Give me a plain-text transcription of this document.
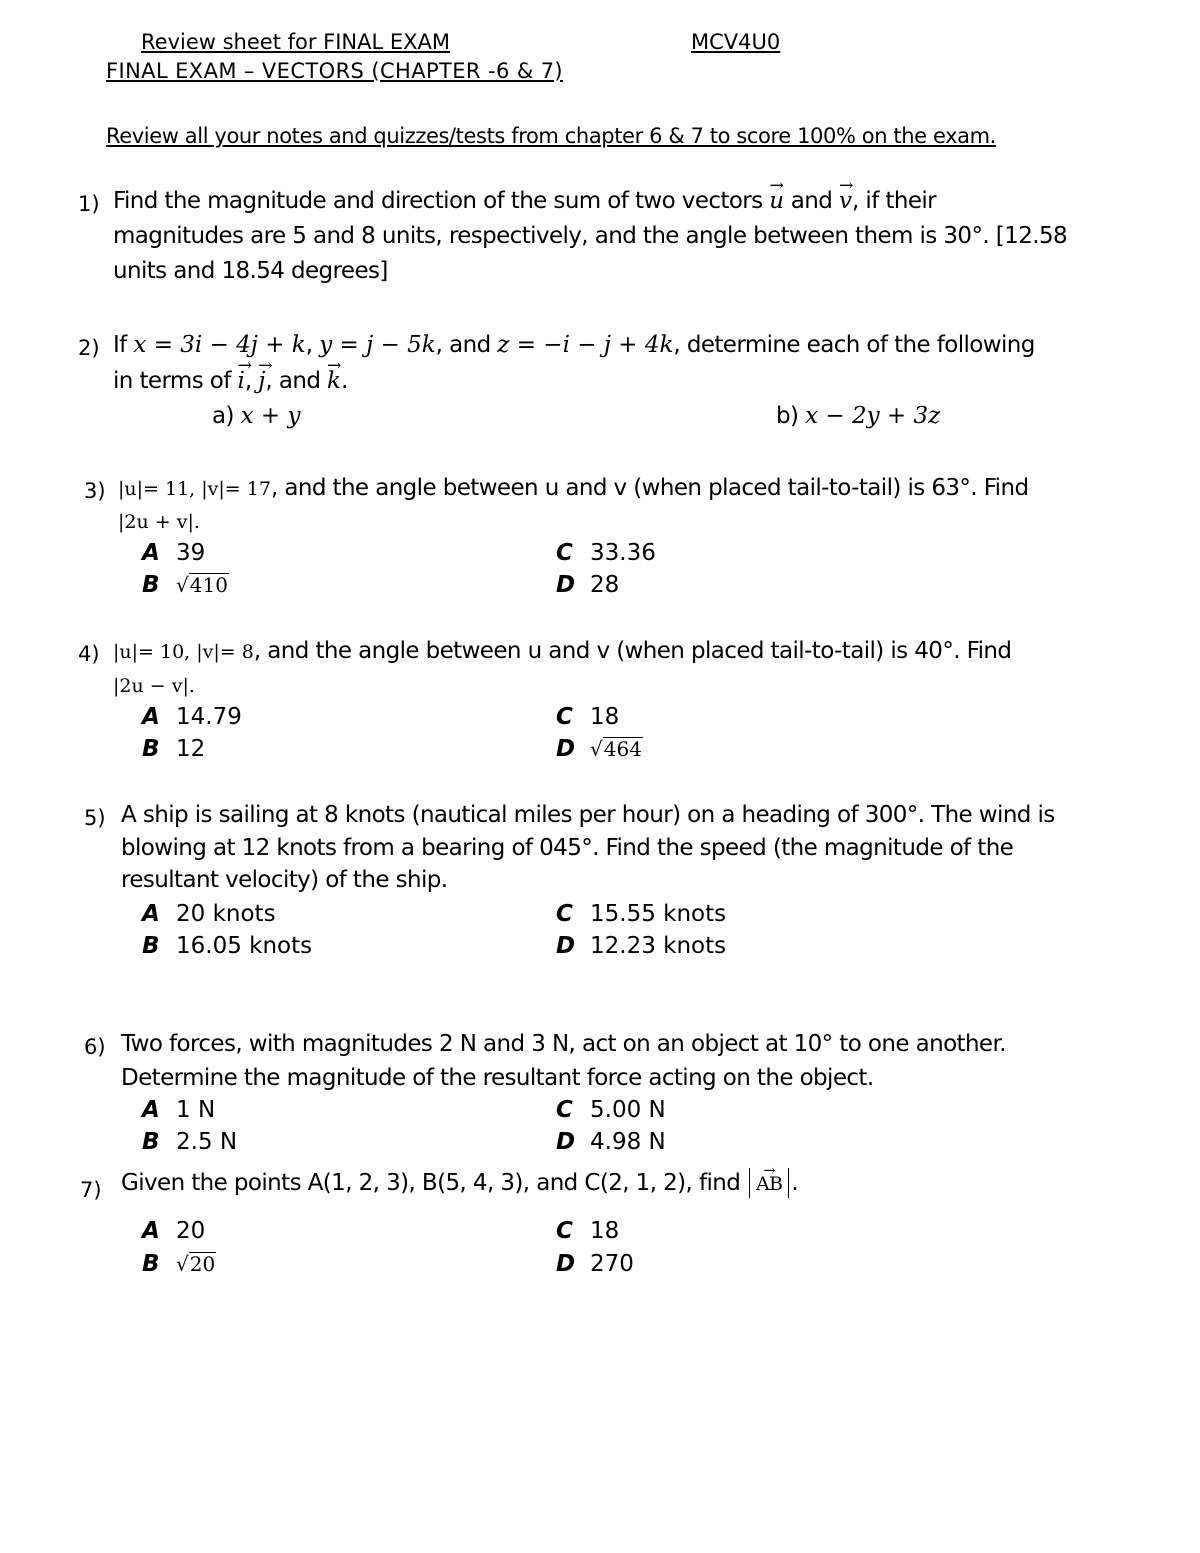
Review sheet for FINAL EXAM	MCV4U0
FINAL EXAM – VECTORS (CHAPTER -6 & 7)
Review all your notes and quizzes/tests from chapter 6 & 7 to score 100% on the exam.
1) Find the magnitude and direction of the sum of two vectors → u and → v, if their
magnitudes are 5 and 8 units, respectively, and the angle between them is 30°. [12.58
units and 18.54 degrees]
2) If x = 3i − 4j + k, y = j − 5k, and z = −i − j + 4k, determine each of the following
in terms of → i, → j, and → k.
a) x + y	b) x − 2y + 3z
3) |u|= 11, |v|= 17, and the angle between u and v (when placed tail-to-tail) is 63°. Find
|2u + v|.
A 39
B √410
C 33.36
D 28
4) |u|= 10, |v|= 8, and the angle between u and v (when placed tail-to-tail) is 40°. Find
|2u − v|.
A 14.79
B 12
C 18
D √464
5) A ship is sailing at 8 knots (nautical miles per hour) on a heading of 300°. The wind is
blowing at 12 knots from a bearing of 045°. Find the speed (the magnitude of the
resultant velocity) of the ship.
A 20 knots
B 16.05 knots
C 15.55 knots
D 12.23 knots
6) Two forces, with magnitudes 2 N and 3 N, act on an object at 10° to one another.
Determine the magnitude of the resultant force acting on the object.
A 1 N
B 2.5 N
C 5.00 N
D 4.98 N
7) Given the points A(1, 2, 3), B(5, 4, 3), and C(2, 1, 2), find → AB .
A 20
B √20
C 18
D 270
